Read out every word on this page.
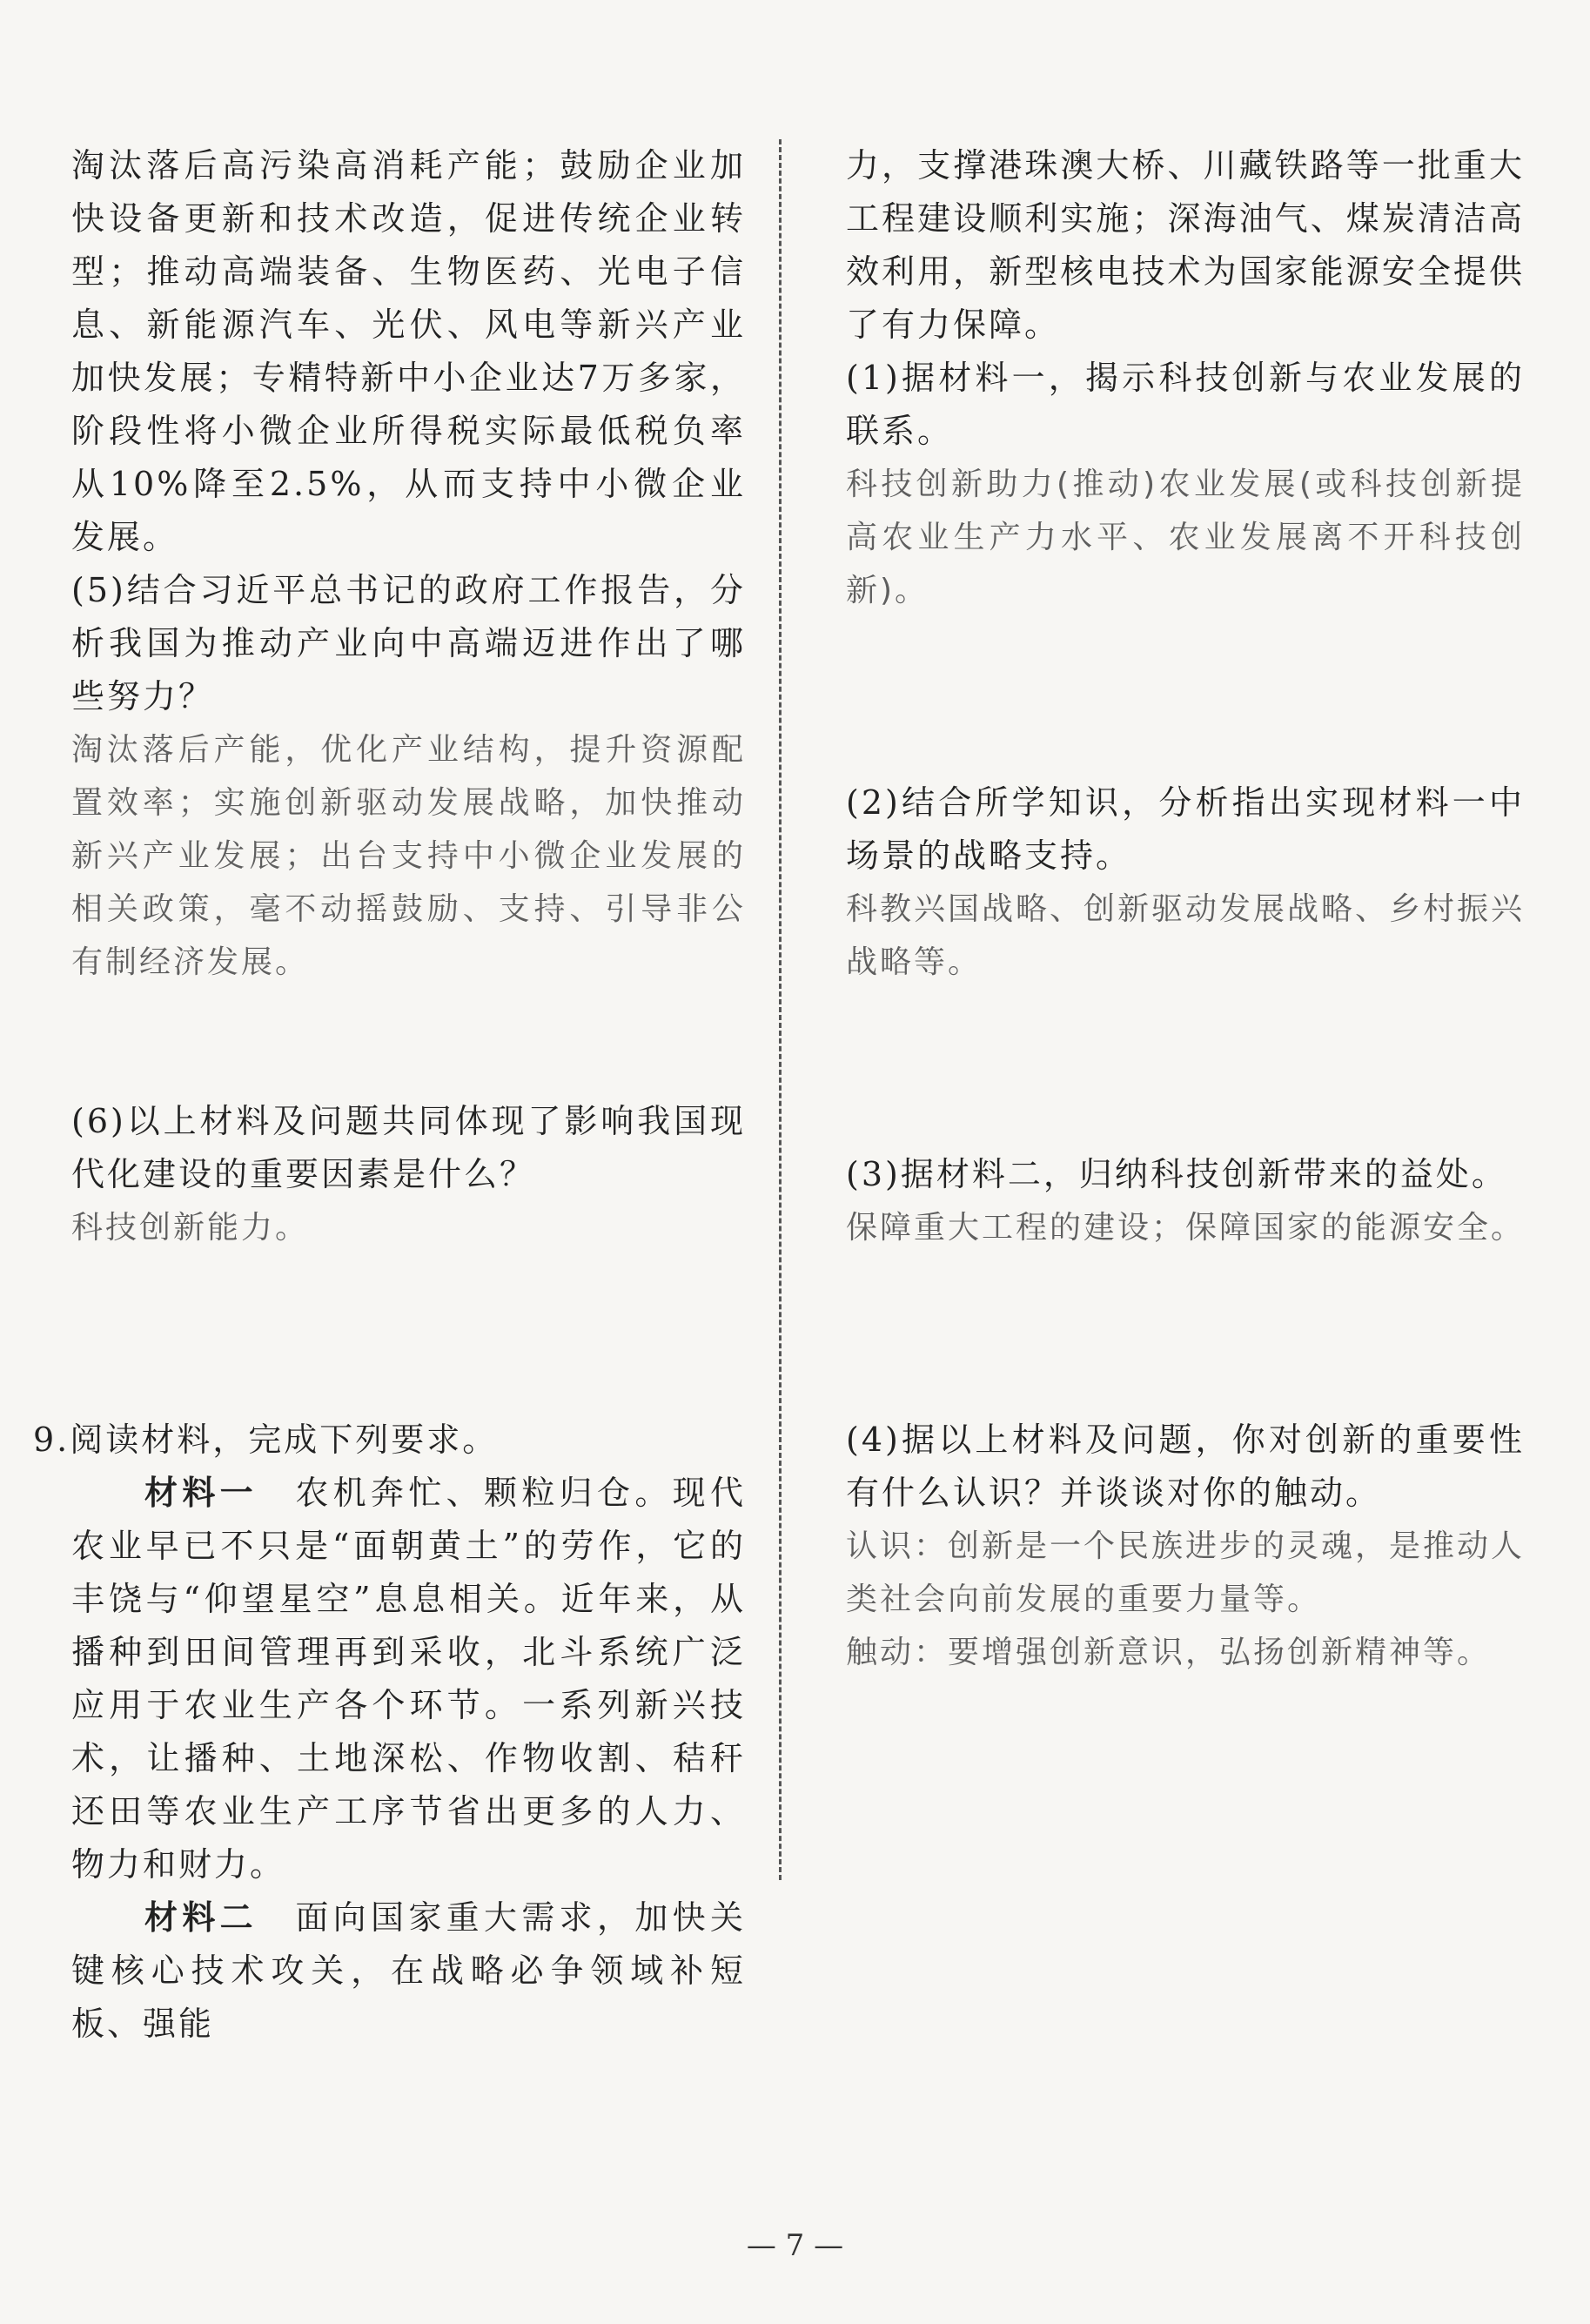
淘汰落后高污染高消耗产能；鼓励企业加快设备更新和技术改造，促进传统企业转型；推动高端装备、生物医药、光电子信息、新能源汽车、光伏、风电等新兴产业加快发展；专精特新中小企业达7万多家，阶段性将小微企业所得税实际最低税负率从10%降至2.5%，从而支持中小微企业发展。

(5)结合习近平总书记的政府工作报告，分析我国为推动产业向中高端迈进作出了哪些努力？

淘汰落后产能，优化产业结构，提升资源配置效率；实施创新驱动发展战略，加快推动新兴产业发展；出台支持中小微企业发展的相关政策，毫不动摇鼓励、支持、引导非公有制经济发展。

(6)以上材料及问题共同体现了影响我国现代化建设的重要因素是什么？

科技创新能力。

9.阅读材料，完成下列要求。

材料一　农机奔忙、颗粒归仓。现代农业早已不只是“面朝黄土”的劳作，它的丰饶与“仰望星空”息息相关。近年来，从播种到田间管理再到采收，北斗系统广泛应用于农业生产各个环节。一系列新兴技术，让播种、土地深松、作物收割、秸秆还田等农业生产工序节省出更多的人力、物力和财力。

材料二　面向国家重大需求，加快关键核心技术攻关，在战略必争领域补短板、强能

力，支撑港珠澳大桥、川藏铁路等一批重大工程建设顺利实施；深海油气、煤炭清洁高效利用，新型核电技术为国家能源安全提供了有力保障。

(1)据材料一，揭示科技创新与农业发展的联系。

科技创新助力(推动)农业发展(或科技创新提高农业生产力水平、农业发展离不开科技创新)。

(2)结合所学知识，分析指出实现材料一中场景的战略支持。

科教兴国战略、创新驱动发展战略、乡村振兴战略等。

(3)据材料二，归纳科技创新带来的益处。

保障重大工程的建设；保障国家的能源安全。

(4)据以上材料及问题，你对创新的重要性有什么认识？并谈谈对你的触动。

认识：创新是一个民族进步的灵魂，是推动人类社会向前发展的重要力量等。

触动：要增强创新意识，弘扬创新精神等。

— 7 —
